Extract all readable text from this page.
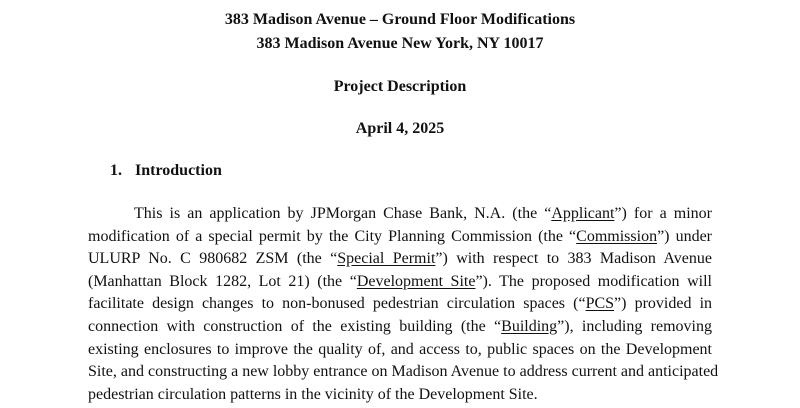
383 Madison Avenue – Ground Floor Modifications
383 Madison Avenue New York, NY 10017
Project Description
April 4, 2025
1. Introduction
This is an application by JPMorgan Chase Bank, N.A. (the “Applicant”) for a minor
modification of a special permit by the City Planning Commission (the “Commission”) under
ULURP No. C 980682 ZSM (the “Special Permit”) with respect to 383 Madison Avenue
(Manhattan Block 1282, Lot 21) (the “Development Site”). The proposed modification will
facilitate design changes to non-bonused pedestrian circulation spaces (“PCS”) provided in
connection with construction of the existing building (the “Building”), including removing
existing enclosures to improve the quality of, and access to, public spaces on the Development
Site, and constructing a new lobby entrance on Madison Avenue to address current and anticipated
pedestrian circulation patterns in the vicinity of the Development Site.
